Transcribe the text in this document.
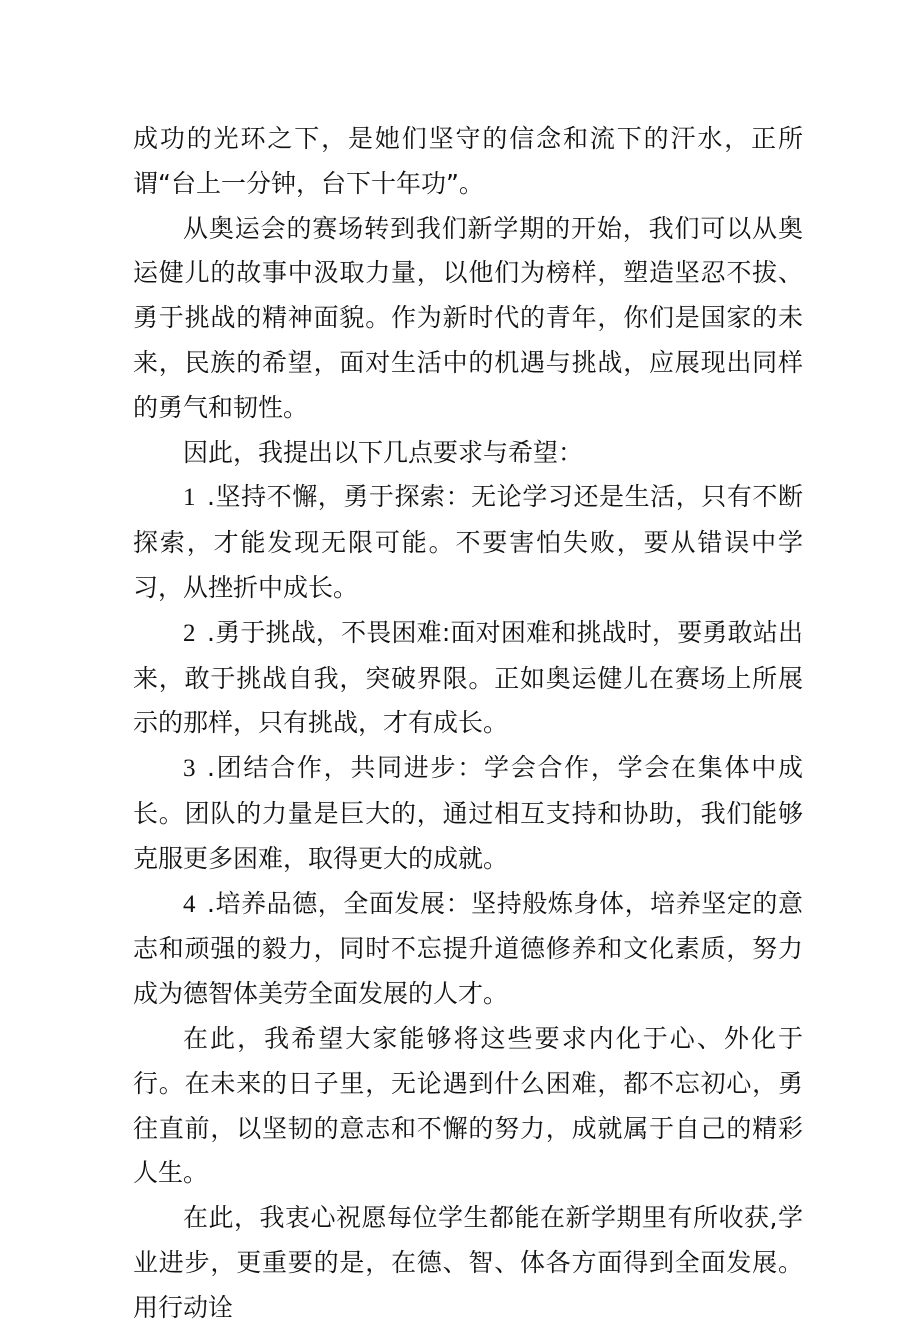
成功的光环之下，是她们坚守的信念和流下的汗水，正所谓“台上一分钟，台下十年功”。

从奥运会的赛场转到我们新学期的开始，我们可以从奥运健儿的故事中汲取力量，以他们为榜样，塑造坚忍不拔、勇于挑战的精神面貌。作为新时代的青年，你们是国家的未来，民族的希望，面对生活中的机遇与挑战，应展现出同样的勇气和韧性。

因此，我提出以下几点要求与希望：

1 .坚持不懈，勇于探索：无论学习还是生活，只有不断探索，才能发现无限可能。不要害怕失败，要从错误中学习，从挫折中成长。

2 .勇于挑战，不畏困难:面对困难和挑战时，要勇敢站出来，敢于挑战自我，突破界限。正如奥运健儿在赛场上所展示的那样，只有挑战，才有成长。

3 .团结合作，共同进步：学会合作，学会在集体中成长。团队的力量是巨大的，通过相互支持和协助，我们能够克服更多困难，取得更大的成就。

4 .培养品德，全面发展：坚持般炼身体，培养坚定的意志和顽强的毅力，同时不忘提升道德修养和文化素质，努力成为德智体美劳全面发展的人才。

在此，我希望大家能够将这些要求内化于心、外化于行。在未来的日子里，无论遇到什么困难，都不忘初心，勇往直前，以坚韧的意志和不懈的努力，成就属于自己的精彩人生。

在此，我衷心祝愿每位学生都能在新学期里有所收获,学业进步，更重要的是，在德、智、体各方面得到全面发展。用行动诠
